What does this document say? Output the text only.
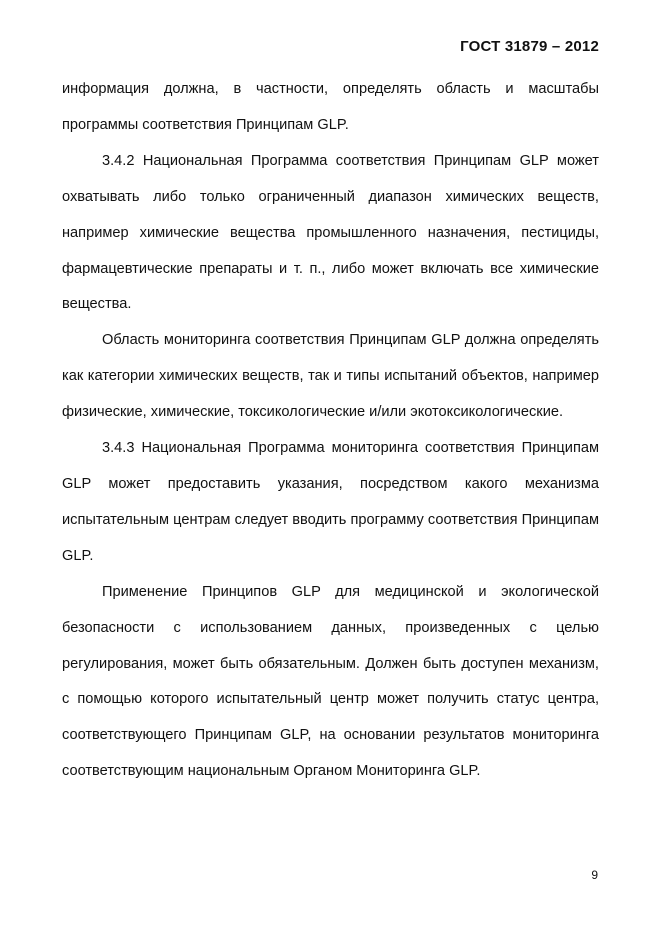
ГОСТ 31879 – 2012

информация должна, в частности, определять область и масштабы программы соответствия Принципам GLP.

3.4.2 Национальная Программа соответствия Принципам GLP может охватывать либо только ограниченный диапазон химических веществ, например химические вещества промышленного назначения, пестициды, фармацевтические препараты и т. п., либо может включать все химические вещества.

Область мониторинга соответствия Принципам GLP должна определять как категории химических веществ, так и типы испытаний объектов, например физические, химические, токсикологические и/или экотоксикологические.

3.4.3 Национальная Программа мониторинга соответствия Принципам GLP может предоставить указания, посредством какого механизма испытательным центрам следует вводить программу соответствия Принципам GLP.

Применение Принципов GLP для медицинской и экологической безопасности с использованием данных, произведенных с целью регулирования, может быть обязательным. Должен быть доступен механизм, с помощью которого испытательный центр может получить статус центра, соответствующего Принципам GLP, на основании результатов мониторинга соответствующим национальным Органом Мониторинга GLP.

9
